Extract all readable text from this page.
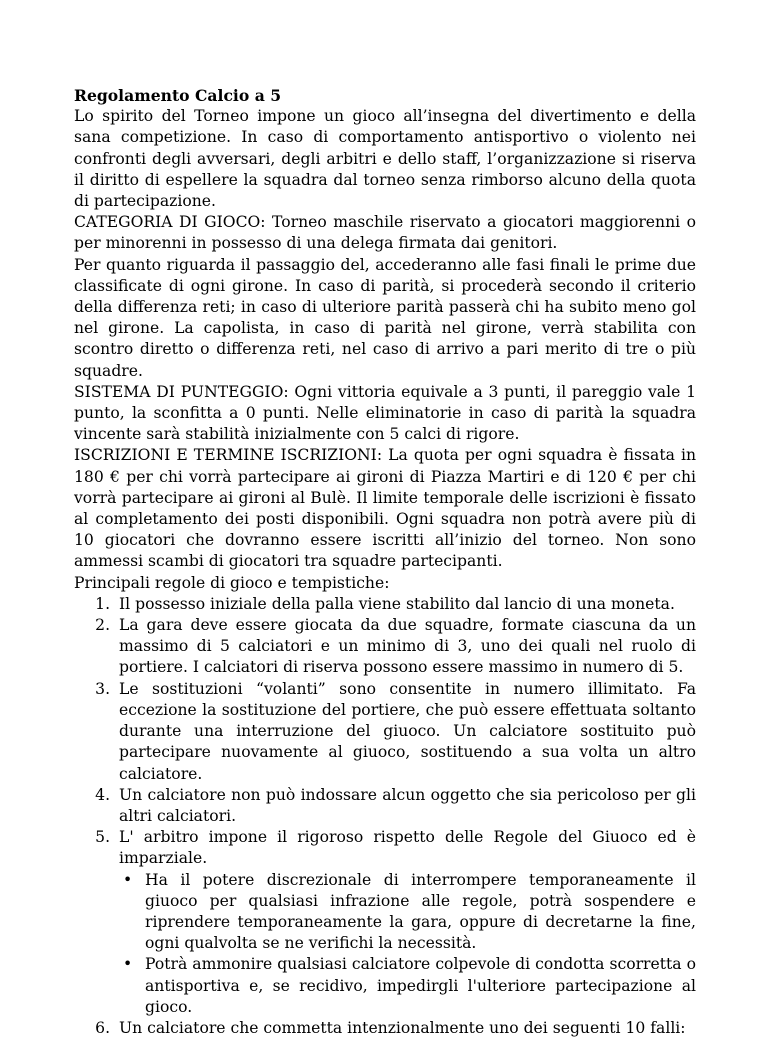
Regolamento Calcio a 5

Lo spirito del Torneo impone un gioco all’insegna del divertimento e della sana competizione. In caso di comportamento antisportivo o violento nei confronti degli avversari, degli arbitri e dello staff, l’organizzazione si riserva il diritto di espellere la squadra dal torneo senza rimborso alcuno della quota di partecipazione.

CATEGORIA DI GIOCO: Torneo maschile riservato a giocatori maggiorenni o per minorenni in possesso di una delega firmata dai genitori.

Per quanto riguarda il passaggio del, accederanno alle fasi finali le prime due classificate di ogni girone. In caso di parità, si procederà secondo il criterio della differenza reti; in caso di ulteriore parità passerà chi ha subito meno gol nel girone. La capolista, in caso di parità nel girone, verrà stabilita con scontro diretto o differenza reti, nel caso di arrivo a pari merito di tre o più squadre.

SISTEMA DI PUNTEGGIO: Ogni vittoria equivale a 3 punti, il pareggio vale 1 punto, la sconfitta a 0 punti. Nelle eliminatorie in caso di parità la squadra vincente sarà stabilità inizialmente con 5 calci di rigore.

ISCRIZIONI E TERMINE ISCRIZIONI: La quota per ogni squadra è fissata in 180 € per chi vorrà partecipare ai gironi di Piazza Martiri e di 120 € per chi vorrà partecipare ai gironi al Bulè. Il limite temporale delle iscrizioni è fissato al completamento dei posti disponibili. Ogni squadra non potrà avere più di 10 giocatori che dovranno essere iscritti all’inizio del torneo. Non sono ammessi scambi di giocatori tra squadre partecipanti.

Principali regole di gioco e tempistiche:

1. Il possesso iniziale della palla viene stabilito dal lancio di una moneta.
2. La gara deve essere giocata da due squadre, formate ciascuna da un massimo di 5 calciatori e un minimo di 3, uno dei quali nel ruolo di portiere. I calciatori di riserva possono essere massimo in numero di 5.
3. Le sostituzioni “volanti” sono consentite in numero illimitato. Fa eccezione la sostituzione del portiere, che può essere effettuata soltanto durante una interruzione del giuoco. Un calciatore sostituito può partecipare nuovamente al giuoco, sostituendo a sua volta un altro calciatore.
4. Un calciatore non può indossare alcun oggetto che sia pericoloso per gli altri calciatori.
5. L' arbitro impone il rigoroso rispetto delle Regole del Giuoco ed è imparziale.
• Ha il potere discrezionale di interrompere temporaneamente il giuoco per qualsiasi infrazione alle regole, potrà sospendere e riprendere temporaneamente la gara, oppure di decretarne la fine, ogni qualvolta se ne verifichi la necessità.
• Potrà ammonire qualsiasi calciatore colpevole di condotta scorretta o antisportiva e, se recidivo, impedirgli l'ulteriore partecipazione al gioco.
6. Un calciatore che commetta intenzionalmente uno dei seguenti 10 falli:
